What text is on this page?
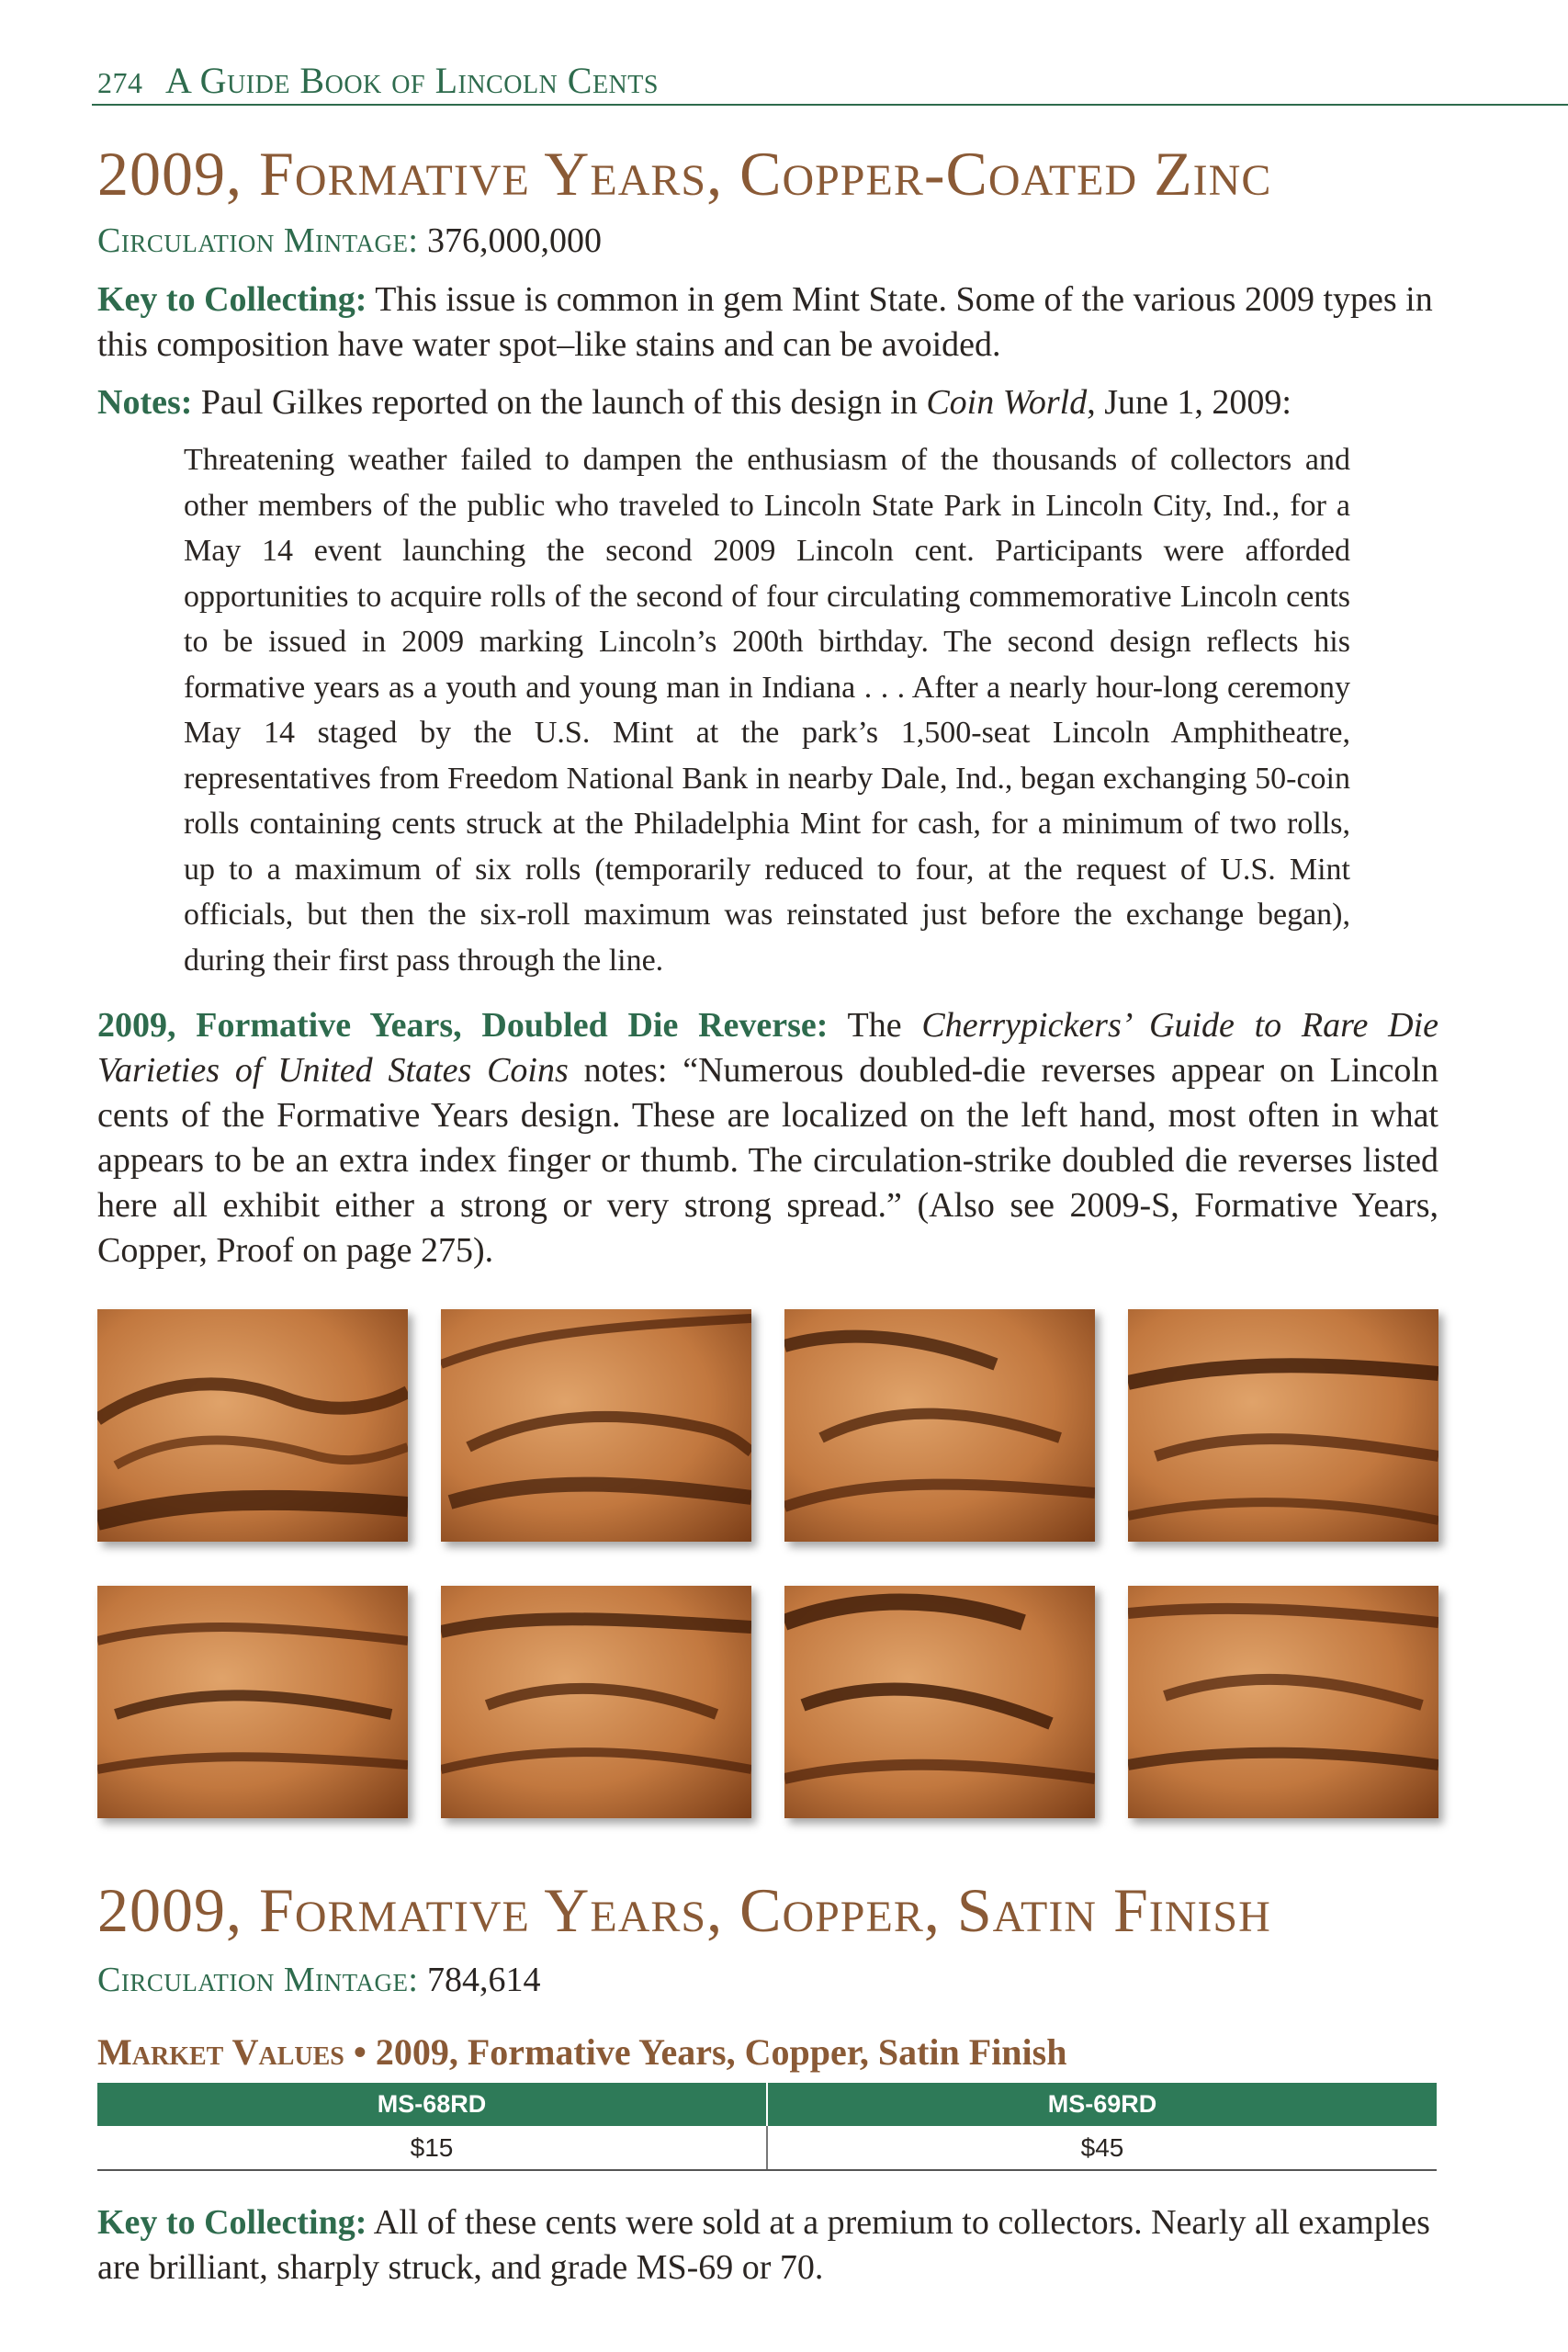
274 A Guide Book of Lincoln Cents
2009, Formative Years, Copper-Coated Zinc
Circulation Mintage: 376,000,000
Key to Collecting: This issue is common in gem Mint State. Some of the various 2009 types in this composition have water spot–like stains and can be avoided.
Notes: Paul Gilkes reported on the launch of this design in Coin World, June 1, 2009:
Threatening weather failed to dampen the enthusiasm of the thousands of collectors and other members of the public who traveled to Lincoln State Park in Lincoln City, Ind., for a May 14 event launching the second 2009 Lincoln cent. Participants were afforded opportunities to acquire rolls of the second of four circulating commemorative Lincoln cents to be issued in 2009 marking Lincoln’s 200th birthday. The second design reflects his formative years as a youth and young man in Indiana . . . After a nearly hour-long ceremony May 14 staged by the U.S. Mint at the park’s 1,500-seat Lincoln Amphitheatre, representatives from Freedom National Bank in nearby Dale, Ind., began exchanging 50-coin rolls containing cents struck at the Philadelphia Mint for cash, for a minimum of two rolls, up to a maximum of six rolls (temporarily reduced to four, at the request of U.S. Mint officials, but then the six-roll maximum was reinstated just before the exchange began), during their first pass through the line.
2009, Formative Years, Doubled Die Reverse: The Cherrypickers’ Guide to Rare Die Varieties of United States Coins notes: “Numerous doubled-die reverses appear on Lincoln cents of the Formative Years design. These are localized on the left hand, most often in what appears to be an extra index finger or thumb. The circulation-strike doubled die reverses listed here all exhibit either a strong or very strong spread.” (Also see 2009-S, Formative Years, Copper, Proof on page 275).
2009, Formative Years, Copper, Satin Finish
Circulation Mintage: 784,614
Market Values • 2009, Formative Years, Copper, Satin Finish
MS-68RD	MS-69RD
$15	$45
Key to Collecting: All of these cents were sold at a premium to collectors. Nearly all examples are brilliant, sharply struck, and grade MS-69 or 70.
